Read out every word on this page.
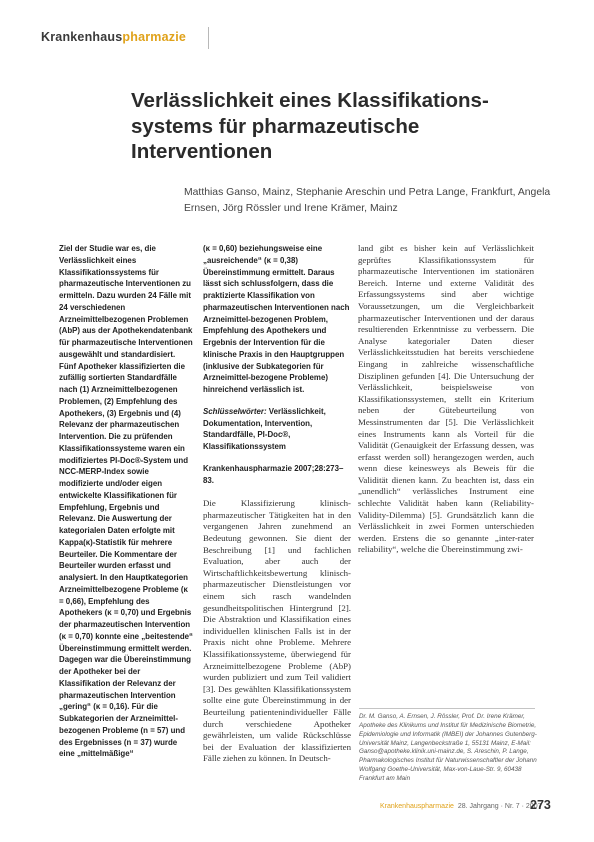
Krankenhauspharmazie
Verlässlichkeit eines Klassifikations-systems für pharmazeutische Interventionen

Matthias Ganso, Mainz, Stephanie Areschin und Petra Lange, Frankfurt, Angela Ernsen, Jörg Rössler und Irene Krämer, Mainz

Ziel der Studie war es, die Verlässlichkeit eines Klassifikationssystems für pharmazeutische Interventionen zu ermitteln. Dazu wurden 24 Fälle mit 24 verschiedenen Arzneimittelbezogenen Problemen (AbP) aus der Apothekendatenbank für pharmazeutische Interventionen ausgewählt und standardisiert. Fünf Apotheker klassifizierten die zufällig sortierten Standardfälle nach (1) Arzneimittelbezogenen Problemen, (2) Empfehlung des Apothekers, (3) Ergebnis und (4) Relevanz der pharmazeutischen Intervention. Die zu prüfenden Klassifikationssysteme waren ein modifiziertes PI-Doc®-System und NCC-MERP-Index sowie modifizierte und/oder eigen entwickelte Klassifikationen für Empfehlung, Ergebnis und Relevanz. Die Auswertung der kategorialen Daten erfolgte mit Kappa(κ)-Statistik für mehrere Beurteiler. Die Kommentare der Beurteiler wurden erfasst und analysiert. In den Hauptkategorien Arzneimittelbezogene Probleme (κ = 0,66), Empfehlung des Apothekers (κ = 0,70) und Ergebnis der pharmazeutischen Intervention (κ = 0,70) konnte eine „beitestende“ Übereinstimmung ermittelt werden. Dagegen war die Übereinstimmung der Apotheker bei der Klassifikation der Relevanz der pharmazeutischen Intervention „gering“ (κ = 0,16). Für die Subkategorien der Arzneimittel-bezogenen Probleme (n = 57) und des Ergebnisses (n = 37) wurde eine „mittelmäßige“

(κ = 0,60) beziehungsweise eine „ausreichende“ (κ = 0,38) Übereinstimmung ermittelt. Daraus lässt sich schlussfolgern, dass die praktizierte Klassifikation von pharmazeutischen Interventionen nach Arzneimittel-bezogenen Problem, Empfehlung des Apothekers und Ergebnis der Intervention für die klinische Praxis in den Hauptgruppen (inklusive der Subkategorien für Arzneimittel-bezogene Probleme) hinreichend verlässlich ist.

Schlüsselwörter: Verlässlichkeit, Dokumentation, Intervention, Standardfälle, PI-Doc®, Klassifikationssystem

Krankenhauspharmazie 2007;28:273–83.

Die Klassifizierung klinisch-pharmazeutischer Tätigkeiten hat in den vergangenen Jahren zunehmend an Bedeutung gewonnen. Sie dient der Beschreibung [1] und fachlichen Evaluation, aber auch der Wirtschaftlichkeitsbewertung klinisch-pharmazeutischer Dienstleistungen vor einem sich rasch wandelnden gesundheitspolitischen Hintergrund [2]. Die Abstraktion und Klassifikation eines individuellen klinischen Falls ist in der Praxis nicht ohne Probleme. Mehrere Klassifikationssysteme, überwiegend für Arzneimittelbezogene Probleme (AbP) wurden publiziert und zum Teil validiert [3]. Des gewählten Klassifikationssystem sollte eine gute Übereinstimmung in der Beurteilung patientenindividueller Fälle durch verschiedene Apotheker gewährleisten, um valide Rückschlüsse bei der Evaluation der klassifizierten Fälle ziehen zu können. In Deutsch-

land gibt es bisher kein auf Verlässlichkeit geprüftes Klassifikationssystem für pharmazeutische Interventionen im stationären Bereich. Interne und externe Validität des Erfassungssystems sind aber wichtige Voraussetzungen, um die Vergleichbarkeit pharmazeutischer Interventionen und der daraus resultierenden Erkenntnisse zu verbessern. Die Analyse kategorialer Daten dieser Verlässlichkeitsstudien hat bereits verschiedene Eingang in zahlreiche wissenschaftliche Disziplinen gefunden [4]. Die Untersuchung der Verlässlichkeit, beispielsweise von Klassifikationssystemen, stellt ein Kriterium neben der Gütebeurteilung von Messinstrumenten dar [5]. Die Verlässlichkeit eines Instruments kann als Vorteil für die Validität (Genauigkeit der Erfassung dessen, was erfasst werden soll) herangezogen werden, auch wenn diese keinesweys als Beweis für die Validität dienen kann. Zu beachten ist, dass ein „unendlich“ verlässliches Instrument eine schlechte Validität haben kann (Reliability-Validity-Dilemma) [5]. Grundsätzlich kann die Verlässlichkeit in zwei Formen unterschieden werden. Erstens die so genannte „inter-rater reliability“, welche die Übereinstimmung zwi-

Dr. M. Ganso, A. Ernsen, J. Rössler, Prof. Dr. Irene Krämer, Apotheke des Klinikums und Institut für Medizinische Biometrie, Epidemiologie und Informatik (IMBEI) der Johannes Gutenberg-Universität Mainz, Langenbeckstraße 1, 55131 Mainz, E-Mail: Ganso@apotheke.klinik.uni-mainz.de, S. Areschin, P. Lange, Pharmakologisches Institut für Naturwissenschaftler der Johann Wolfgang Goethe-Universität, Max-von-Laue-Str. 9, 60438 Frankfurt am Main

Krankenhauspharmazie 28. Jahrgang · Nr. 7 · 2007
273
